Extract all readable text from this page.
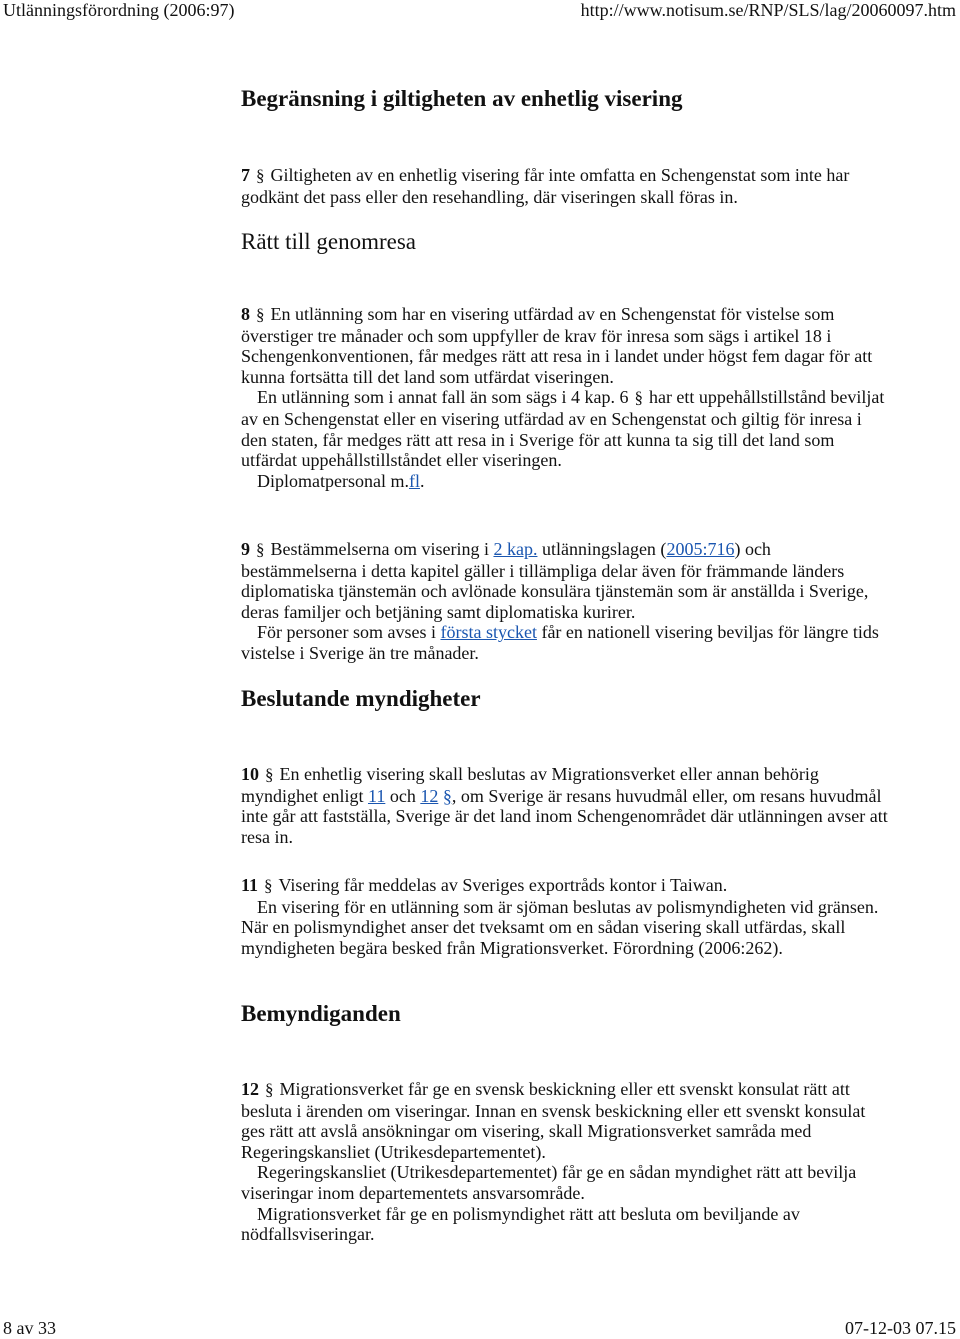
Utlänningsförordning (2006:97)	http://www.notisum.se/RNP/SLS/lag/20060097.htm
Begränsning i giltigheten av enhetlig visering

7 § Giltigheten av en enhetlig visering får inte omfatta en Schengenstat som inte har godkänt det pass eller den resehandling, där viseringen skall föras in.

Rätt till genomresa

8 § En utlänning som har en visering utfärdad av en Schengenstat för vistelse som överstiger tre månader och som uppfyller de krav för inresa som sägs i artikel 18 i Schengenkonventionen, får medges rätt att resa in i landet under högst fem dagar för att kunna fortsätta till det land som utfärdat viseringen.
En utlänning som i annat fall än som sägs i 4 kap. 6 § har ett uppehållstillstånd beviljat av en Schengenstat eller en visering utfärdad av en Schengenstat och giltig för inresa i den staten, får medges rätt att resa in i Sverige för att kunna ta sig till det land som utfärdat uppehållstillståndet eller viseringen.
Diplomatpersonal m.fl.

9 § Bestämmelserna om visering i 2 kap. utlänningslagen (2005:716) och bestämmelserna i detta kapitel gäller i tillämpliga delar även för främmande länders diplomatiska tjänstemän och avlönade konsulära tjänstemän som är anställda i Sverige, deras familjer och betjäning samt diplomatiska kurirer.
För personer som avses i första stycket får en nationell visering beviljas för längre tids vistelse i Sverige än tre månader.

Beslutande myndigheter

10 § En enhetlig visering skall beslutas av Migrationsverket eller annan behörig myndighet enligt 11 och 12 §, om Sverige är resans huvudmål eller, om resans huvudmål inte går att fastställa, Sverige är det land inom Schengenområdet där utlänningen avser att resa in.

11 § Visering får meddelas av Sveriges exportråds kontor i Taiwan.
En visering för en utlänning som är sjöman beslutas av polismyndigheten vid gränsen. När en polismyndighet anser det tveksamt om en sådan visering skall utfärdas, skall myndigheten begära besked från Migrationsverket. Förordning (2006:262).

Bemyndiganden

12 § Migrationsverket får ge en svensk beskickning eller ett svenskt konsulat rätt att besluta i ärenden om viseringar. Innan en svensk beskickning eller ett svenskt konsulat ges rätt att avslå ansökningar om visering, skall Migrationsverket samråda med Regeringskansliet (Utrikesdepartementet).
Regeringskansliet (Utrikesdepartementet) får ge en sådan myndighet rätt att bevilja viseringar inom departementets ansvarsområde.
Migrationsverket får ge en polismyndighet rätt att besluta om beviljande av nödfallsviseringar.

8 av 33	07-12-03 07.15
